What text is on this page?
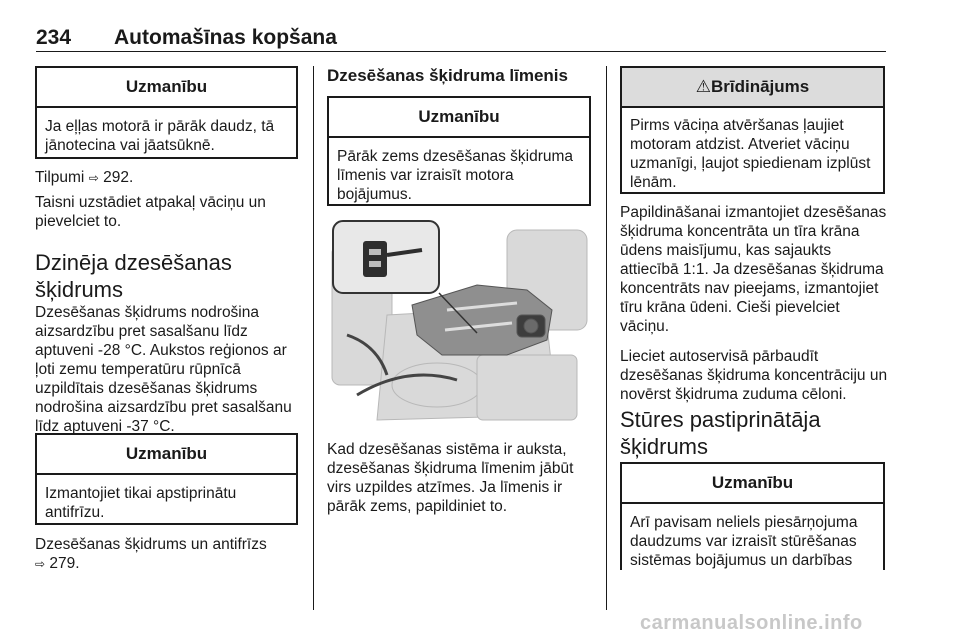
234 Automašīnas kopšana
Uzmanību
Ja eļļas motorā ir pārāk daudz, tā jānotecina vai jāatsūknē.
Tilpumi ⇨ 292.
Taisni uzstādiet atpakaļ vāciņu un pievelciet to.
Dzinēja dzesēšanas šķidrums
Dzesēšanas šķidrums nodrošina aizsardzību pret sasalšanu līdz aptuveni -28 °C. Aukstos reģionos ar ļoti zemu temperatūru rūpnīcā uzpildītais dzesēšanas šķidrums nodrošina aizsardzību pret sasalšanu līdz aptuveni -37 °C.
Uzmanību
Izmantojiet tikai apstiprinātu antifrīzu.
Dzesēšanas šķidrums un antifrīzs
⇨ 279.
Dzesēšanas šķidruma līmenis
Uzmanību
Pārāk zems dzesēšanas šķidruma līmenis var izraisīt motora bojājumus.
Kad dzesēšanas sistēma ir auksta, dzesēšanas šķidruma līmenim jābūt virs uzpildes atzīmes. Ja līmenis ir pārāk zems, papildiniet to.
⚠Brīdinājums
Pirms vāciņa atvēršanas ļaujiet motoram atdzist. Atveriet vāciņu uzmanīgi, ļaujot spiedienam izplūst lēnām.
Papildināšanai izmantojiet dzesēšanas šķidruma koncentrāta un tīra krāna ūdens maisījumu, kas sajaukts attiecībā 1:1. Ja dzesēšanas šķidruma koncentrāts nav pieejams, izmantojiet tīru krāna ūdeni. Cieši pievelciet vāciņu.
Lieciet autoservisā pārbaudīt dzesēšanas šķidruma koncentrāciju un novērst šķidruma zuduma cēloni.
Stūres pastiprinātāja šķidrums
Uzmanību
Arī pavisam neliels piesārņojuma daudzums var izraisīt stūrēšanas sistēmas bojājumus un darbības
carmanualsonline.info
